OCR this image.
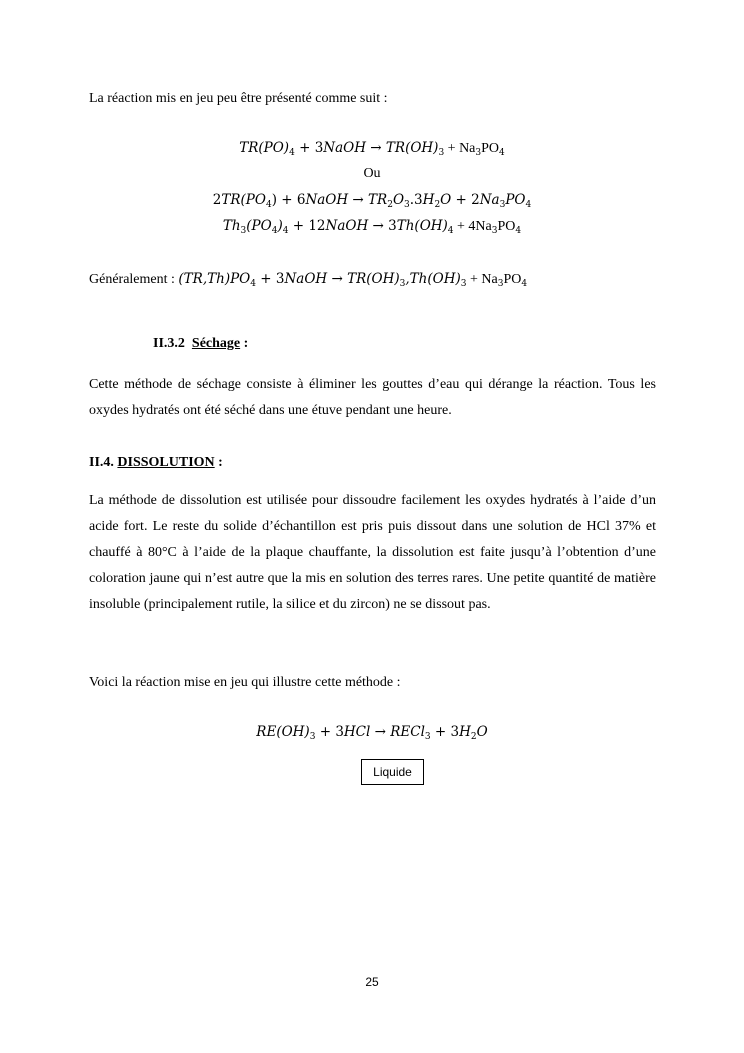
La réaction mis en jeu peu être présenté comme suit :

$TR(PO)_4$ + 3NaOH → $TR(OH)_3 + Na_3PO_4$
Ou
$2TR(PO_4)$ + 6NaOH → $TR_2O_3.3H_2O + 2Na_3PO_4$
$Th_3(PO_4)_4$ + 12NaOH → $3Th(OH)_4 + 4Na_3PO_4$
Généralement : $(TR,Th)PO_4$ + 3NaOH → $TR(OH)_3,Th(OH)_3 + Na_3PO_4$
II.3.2 Séchage :

Cette méthode de séchage consiste à éliminer les gouttes d’eau qui dérange la réaction. Tous les oxydes hydratés ont été séché dans une étuve pendant une heure.

II.4. DISSOLUTION :

La méthode de dissolution est utilisée pour dissoudre facilement les oxydes hydratés à l’aide d’un acide fort. Le reste du solide d’échantillon est pris puis dissout dans une solution de HCl 37% et chauffé à 80°C à l’aide de la plaque chauffante, la dissolution est faite jusqu’à l’obtention d’une coloration jaune qui n’est autre que la mis en solution des terres rares. Une petite quantité de matière insoluble (principalement rutile, la silice et du zircon) ne se dissout pas.

Voici la réaction mise en jeu qui illustre cette méthode :

$RE(OH)_3 + 3HCl$ → RECl$_3$ + $3H_2O$
Liquide
25
